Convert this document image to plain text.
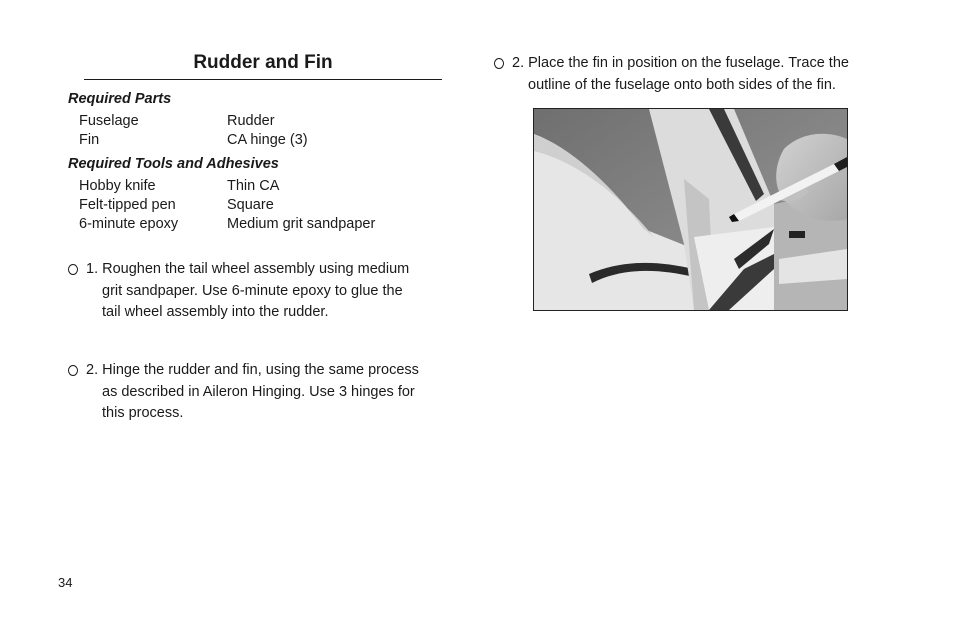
Rudder and Fin
Required Parts
Fuselage	Rudder
Fin	CA hinge (3)
Required Tools and Adhesives
Hobby knife	Thin CA
Felt-tipped pen	Square
6-minute epoxy	Medium grit sandpaper
1. Roughen the tail wheel assembly using medium
grit sandpaper. Use 6-minute epoxy to glue the
tail wheel assembly into the rudder.
2. Hinge the rudder and fin, using the same process
as described in Aileron Hinging. Use 3 hinges for
this process.
34
2. Place the fin in position on the fuselage. Trace the
outline of the fuselage onto both sides of the fin.
